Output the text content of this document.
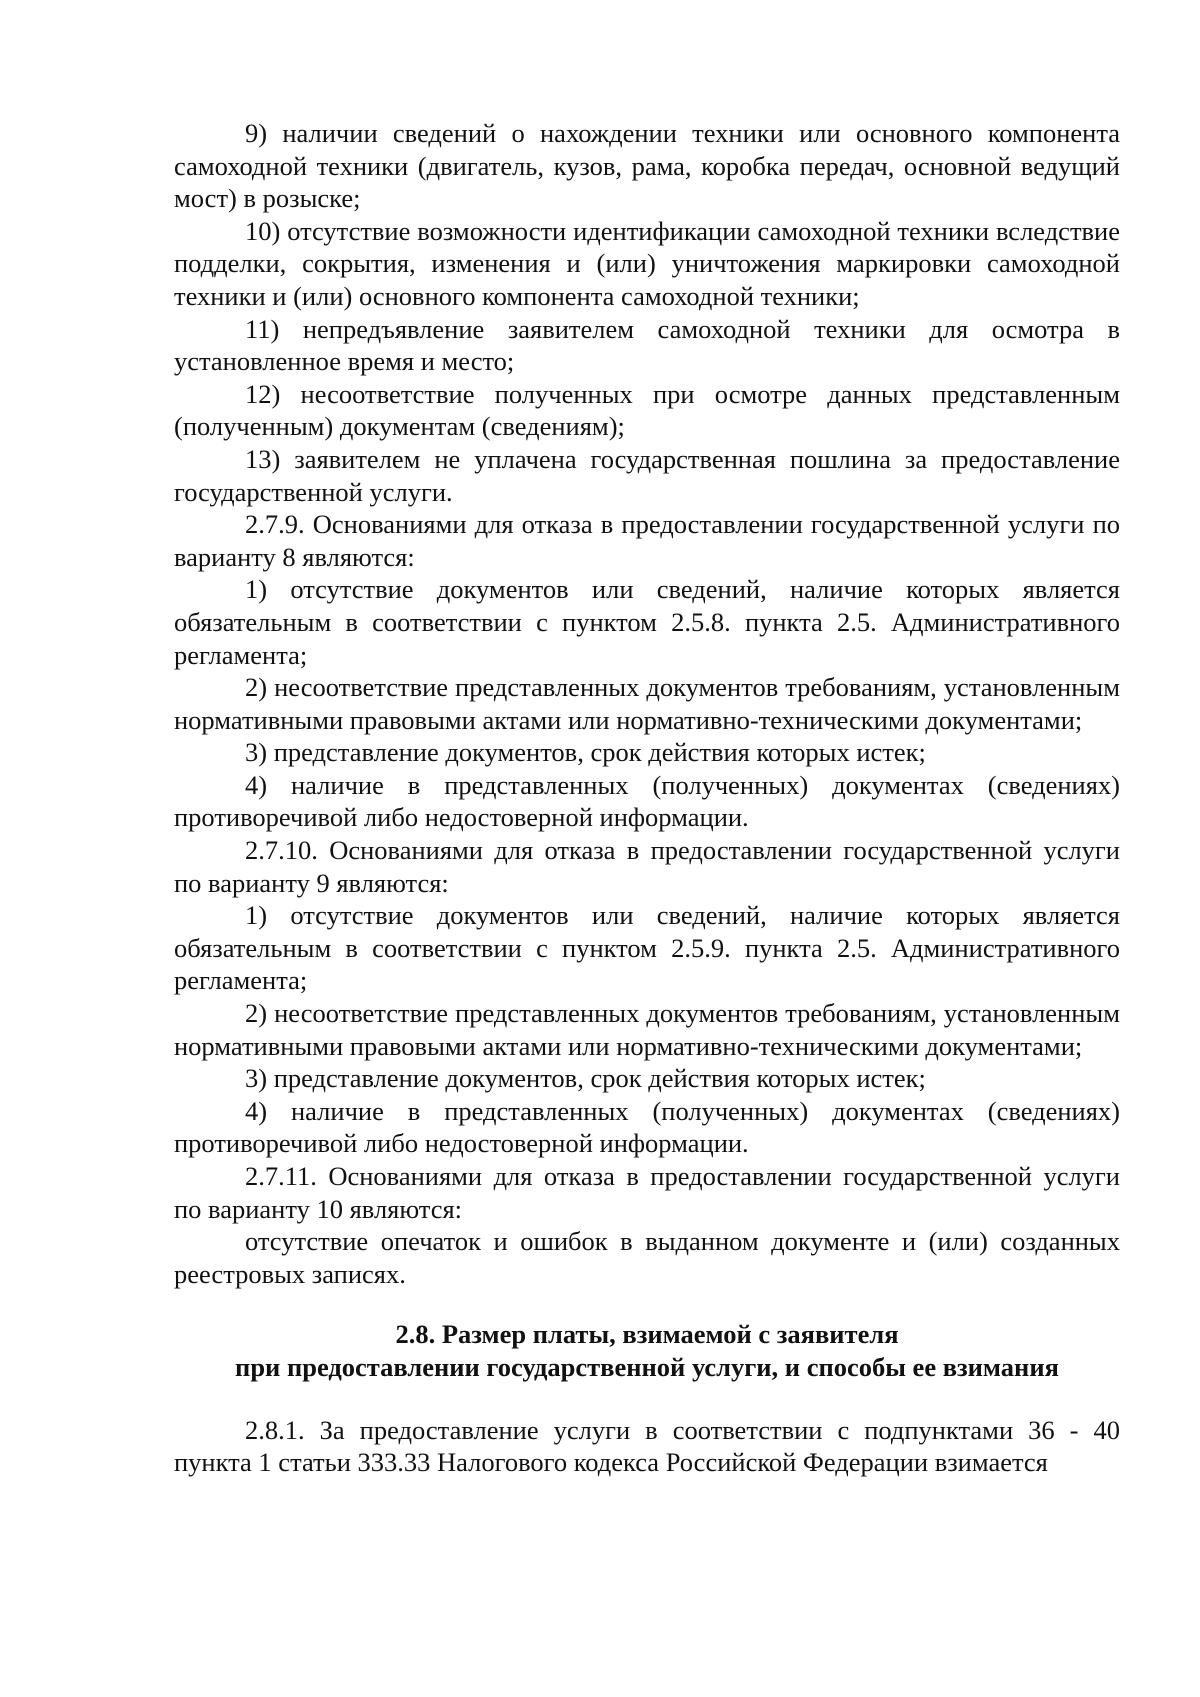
9) наличии сведений о нахождении техники или основного компонента самоходной техники (двигатель, кузов, рама, коробка передач, основной ведущий мост) в розыске;

10) отсутствие возможности идентификации самоходной техники вследствие подделки, сокрытия, изменения и (или) уничтожения маркировки самоходной техники и (или) основного компонента самоходной техники;

11) непредъявление заявителем самоходной техники для осмотра в установленное время и место;

12) несоответствие полученных при осмотре данных представленным (полученным) документам (сведениям);

13) заявителем не уплачена государственная пошлина за предоставление государственной услуги.

2.7.9. Основаниями для отказа в предоставлении государственной услуги по варианту 8 являются:

1) отсутствие документов или сведений, наличие которых является обязательным в соответствии с пунктом 2.5.8. пункта 2.5. Административного регламента;

2) несоответствие представленных документов требованиям, установленным нормативными правовыми актами или нормативно-техническими документами;

3) представление документов, срок действия которых истек;

4) наличие в представленных (полученных) документах (сведениях) противоречивой либо недостоверной информации.

2.7.10. Основаниями для отказа в предоставлении государственной услуги по варианту 9 являются:

1) отсутствие документов или сведений, наличие которых является обязательным в соответствии с пунктом 2.5.9. пункта 2.5. Административного регламента;

2) несоответствие представленных документов требованиям, установленным нормативными правовыми актами или нормативно-техническими документами;

3) представление документов, срок действия которых истек;

4) наличие в представленных (полученных) документах (сведениях) противоречивой либо недостоверной информации.

2.7.11. Основаниями для отказа в предоставлении государственной услуги по варианту 10 являются:

отсутствие опечаток и ошибок в выданном документе и (или) созданных реестровых записях.

2.8. Размер платы, взимаемой с заявителя

при предоставлении государственной услуги, и способы ее взимания

2.8.1. За предоставление услуги в соответствии с подпунктами 36 - 40 пункта 1 статьи 333.33 Налогового кодекса Российской Федерации взимается
